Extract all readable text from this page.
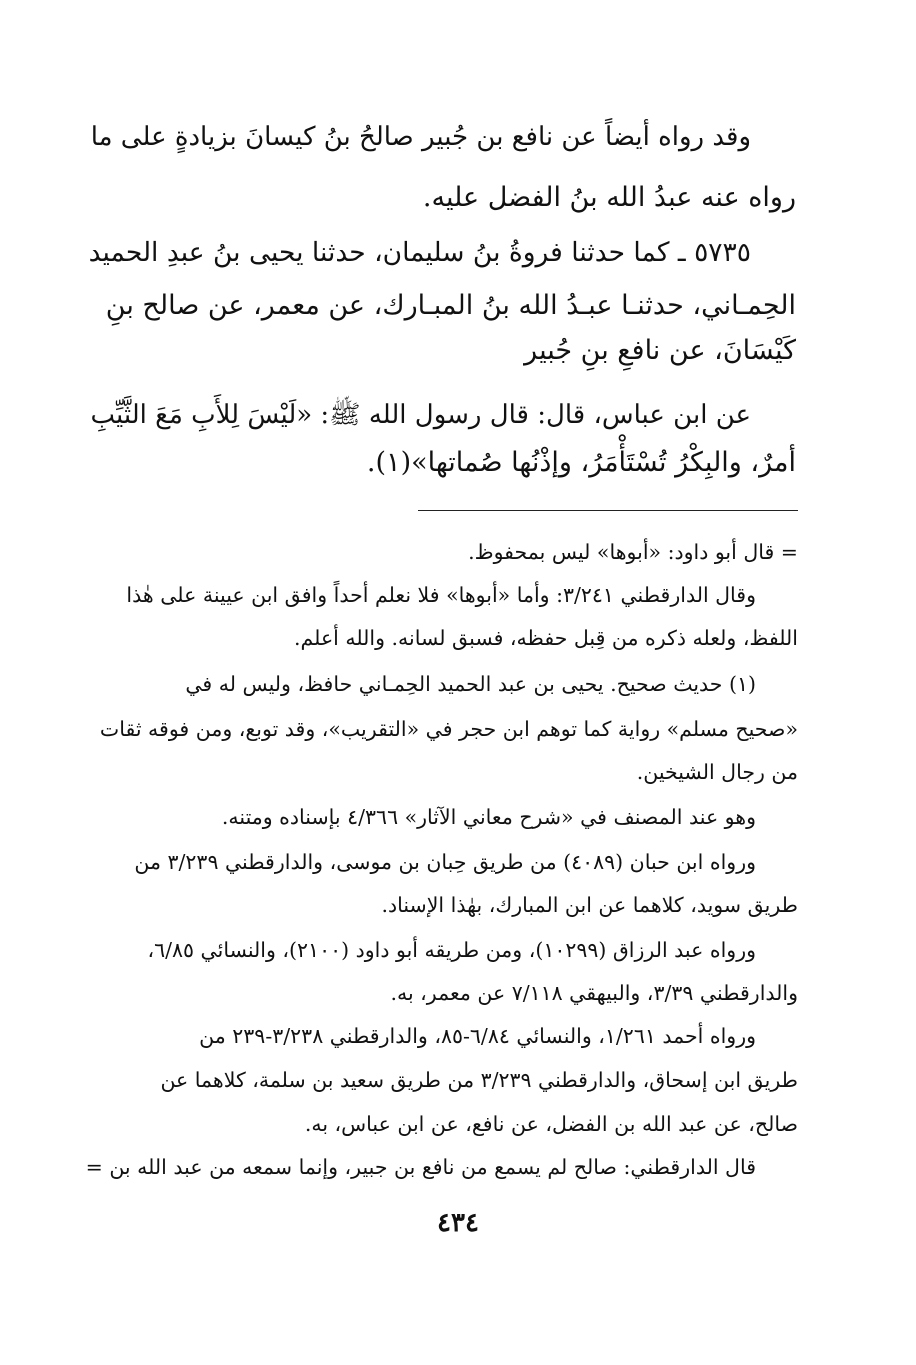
وقد رواه أيضاً عن نافع بن جُبير صالحُ بنُ كيسانَ بزيادةٍ على ما
رواه عنه عبدُ الله بنُ الفضل عليه.
٥٧٣٥ ـ كما حدثنا فروةُ بنُ سليمان، حدثنا يحيى بنُ عبدِ الحميد
الحِمـاني، حدثنـا عبـدُ الله بنُ المبـارك، عن معمر، عن صالح بنِ
كَيْسَانَ، عن نافعِ بنِ جُبير
عن ابن عباس، قال: قال رسول الله ﷺ: «لَيْسَ لِلأَبِ مَعَ الثَّيِّبِ
أمرٌ، والبِكْرُ تُسْتَأْمَرُ، وإذْنُها صُماتها»(١).
= قال أبو داود: «أبوها» ليس بمحفوظ.
وقال الدارقطني ٣/٢٤١: وأما «أبوها» فلا نعلم أحداً وافق ابن عيينة على هٰذا
اللفظ، ولعله ذكره من قِبل حفظه، فسبق لسانه. والله أعلم.
(١) حديث صحيح. يحيى بن عبد الحميد الحِمـاني حافظ، وليس له في
«صحيح مسلم» رواية كما توهم ابن حجر في «التقريب»، وقد توبع، ومن فوقه ثقات
من رجال الشيخين.
وهو عند المصنف في «شرح معاني الآثار» ٤/٣٦٦ بإسناده ومتنه.
ورواه ابن حبان (٤٠٨٩) من طريق حِبان بن موسى، والدارقطني ٣/٢٣٩ من
طريق سويد، كلاهما عن ابن المبارك، بهٰذا الإسناد.
ورواه عبد الرزاق (١٠٢٩٩)، ومن طريقه أبو داود (٢١٠٠)، والنسائي ٦/٨٥،
والدارقطني ٣/٣٩، والبيهقي ٧/١١٨ عن معمر، به.
ورواه أحمد ١/٢٦١، والنسائي ٦/٨٤-٨٥، والدارقطني ٣/٢٣٨-٢٣٩ من
طريق ابن إسحاق، والدارقطني ٣/٢٣٩ من طريق سعيد بن سلمة، كلاهما عن
صالح، عن عبد الله بن الفضل، عن نافع، عن ابن عباس، به.
قال الدارقطني: صالح لم يسمع من نافع بن جبير، وإنما سمعه من عبد الله بن =
٤٣٤
